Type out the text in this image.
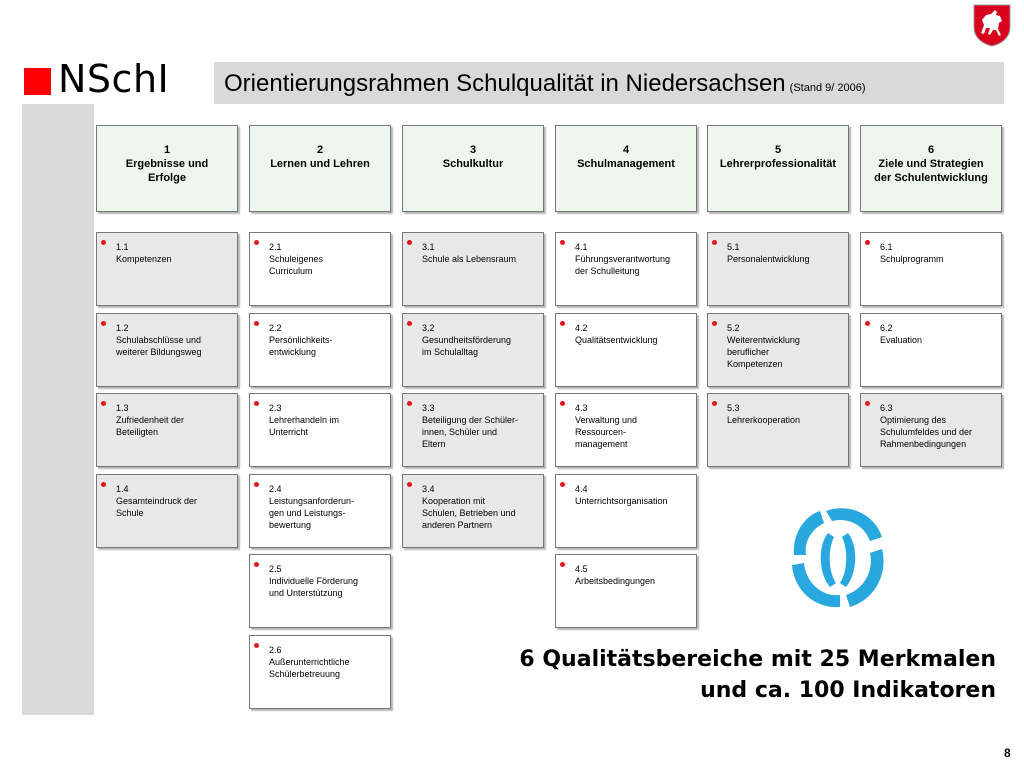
NSchI Orientierungsrahmen Schulqualität in Niedersachsen (Stand 9/ 2006)
1
Ergebnisse und
Erfolge
2
Lernen und Lehren
3
Schulkultur
4
Schulmanagement
5
Lehrerprofessionalität
6
Ziele und Strategien
der Schulentwicklung
1.1
Kompetenzen
1.2
Schulabschlüsse und
weiterer Bildungsweg
1.3
Zufriedenheit der
Beteiligten
1.4
Gesamteindruck der
Schule
2.1
Schuleigenes
Curriculum
2.2
Persönlichkeits-
entwicklung
2.3
Lehrerhandeln im
Unterricht
2.4
Leistungsanforderun-
gen und Leistungs-
bewertung
2.5
Individuelle Förderung
und Unterstützung
2.6
Außerunterrichtliche
Schülerbetreuung
3.1
Schule als Lebensraum
3.2
Gesundheitsförderung
im Schulalltag
3.3
Beteiligung der Schüler-
innen, Schüler und
Eltern
3.4
Kooperation mit
Schulen, Betrieben und
anderen Partnern
4.1
Führungsverantwortung
der Schulleitung
4.2
Qualitätsentwicklung
4.3
Verwaltung und
Ressourcen-
management
4.4
Unterrichtsorganisation
4.5
Arbeitsbedingungen
5.1
Personalentwicklung
5.2
Weiterentwicklung
beruflicher
Kompetenzen
5.3
Lehrerkooperation
6.1
Schulprogramm
6.2
Evaluation
6.3
Optimierung des
Schulumfeldes und der
Rahmenbedingungen
6 Qualitätsbereiche mit 25 Merkmalen
und ca. 100 Indikatoren
8
